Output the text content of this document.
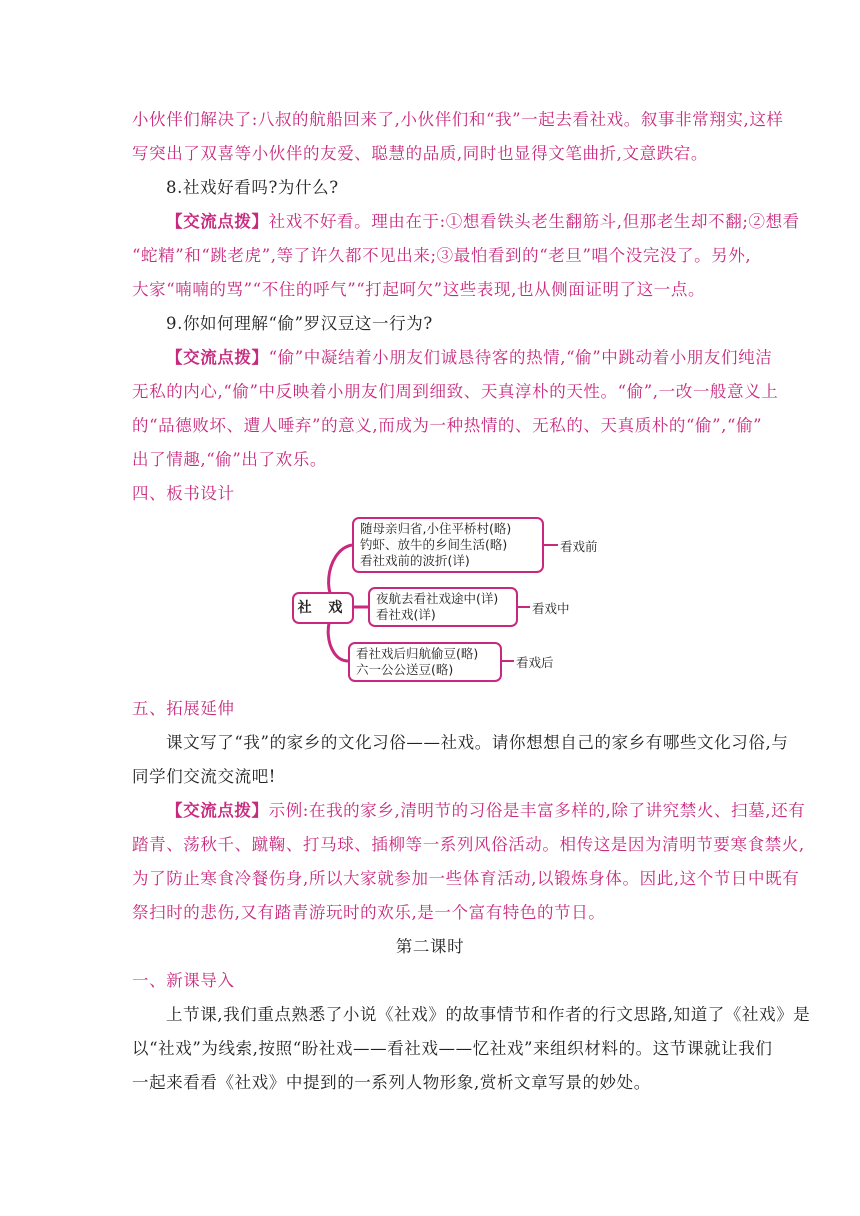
小伙伴们解决了:八叔的航船回来了,小伙伴们和“我”一起去看社戏。叙事非常翔实,这样
写突出了双喜等小伙伴的友爱、聪慧的品质,同时也显得文笔曲折,文意跌宕。
8.社戏好看吗?为什么?
【交流点拨】社戏不好看。理由在于:①想看铁头老生翻筋斗,但那老生却不翻;②想看
“蛇精”和“跳老虎”,等了许久都不见出来;③最怕看到的“老旦”唱个没完没了。另外,
大家“喃喃的骂”“不住的呼气”“打起呵欠”这些表现,也从侧面证明了这一点。
9.你如何理解“偷”罗汉豆这一行为?
【交流点拨】“偷”中凝结着小朋友们诚恳待客的热情,“偷”中跳动着小朋友们纯洁
无私的内心,“偷”中反映着小朋友们周到细致、天真淳朴的天性。“偷”,一改一般意义上
的“品德败坏、遭人唾弃”的意义,而成为一种热情的、无私的、天真质朴的“偷”,“偷”
出了情趣,“偷”出了欢乐。
四、板书设计
社 戏
随母亲归省,小住平桥村(略)
钓虾、放牛的乡间生活(略)
看社戏前的波折(详)
看戏前
夜航去看社戏途中(详)
看社戏(详)	看戏中
看社戏后归航偷豆(略)
六一公公送豆(略)	看戏后
五、拓展延伸
课文写了“我”的家乡的文化习俗——社戏。请你想想自己的家乡有哪些文化习俗,与
同学们交流交流吧!
【交流点拨】示例:在我的家乡,清明节的习俗是丰富多样的,除了讲究禁火、扫墓,还有
踏青、荡秋千、蹴鞠、打马球、插柳等一系列风俗活动。相传这是因为清明节要寒食禁火,
为了防止寒食冷餐伤身,所以大家就参加一些体育活动,以锻炼身体。因此,这个节日中既有
祭扫时的悲伤,又有踏青游玩时的欢乐,是一个富有特色的节日。
第二课时
一、新课导入
上节课,我们重点熟悉了小说《社戏》的故事情节和作者的行文思路,知道了《社戏》是
以“社戏”为线索,按照“盼社戏——看社戏——忆社戏”来组织材料的。这节课就让我们
一起来看看《社戏》中提到的一系列人物形象,赏析文章写景的妙处。
